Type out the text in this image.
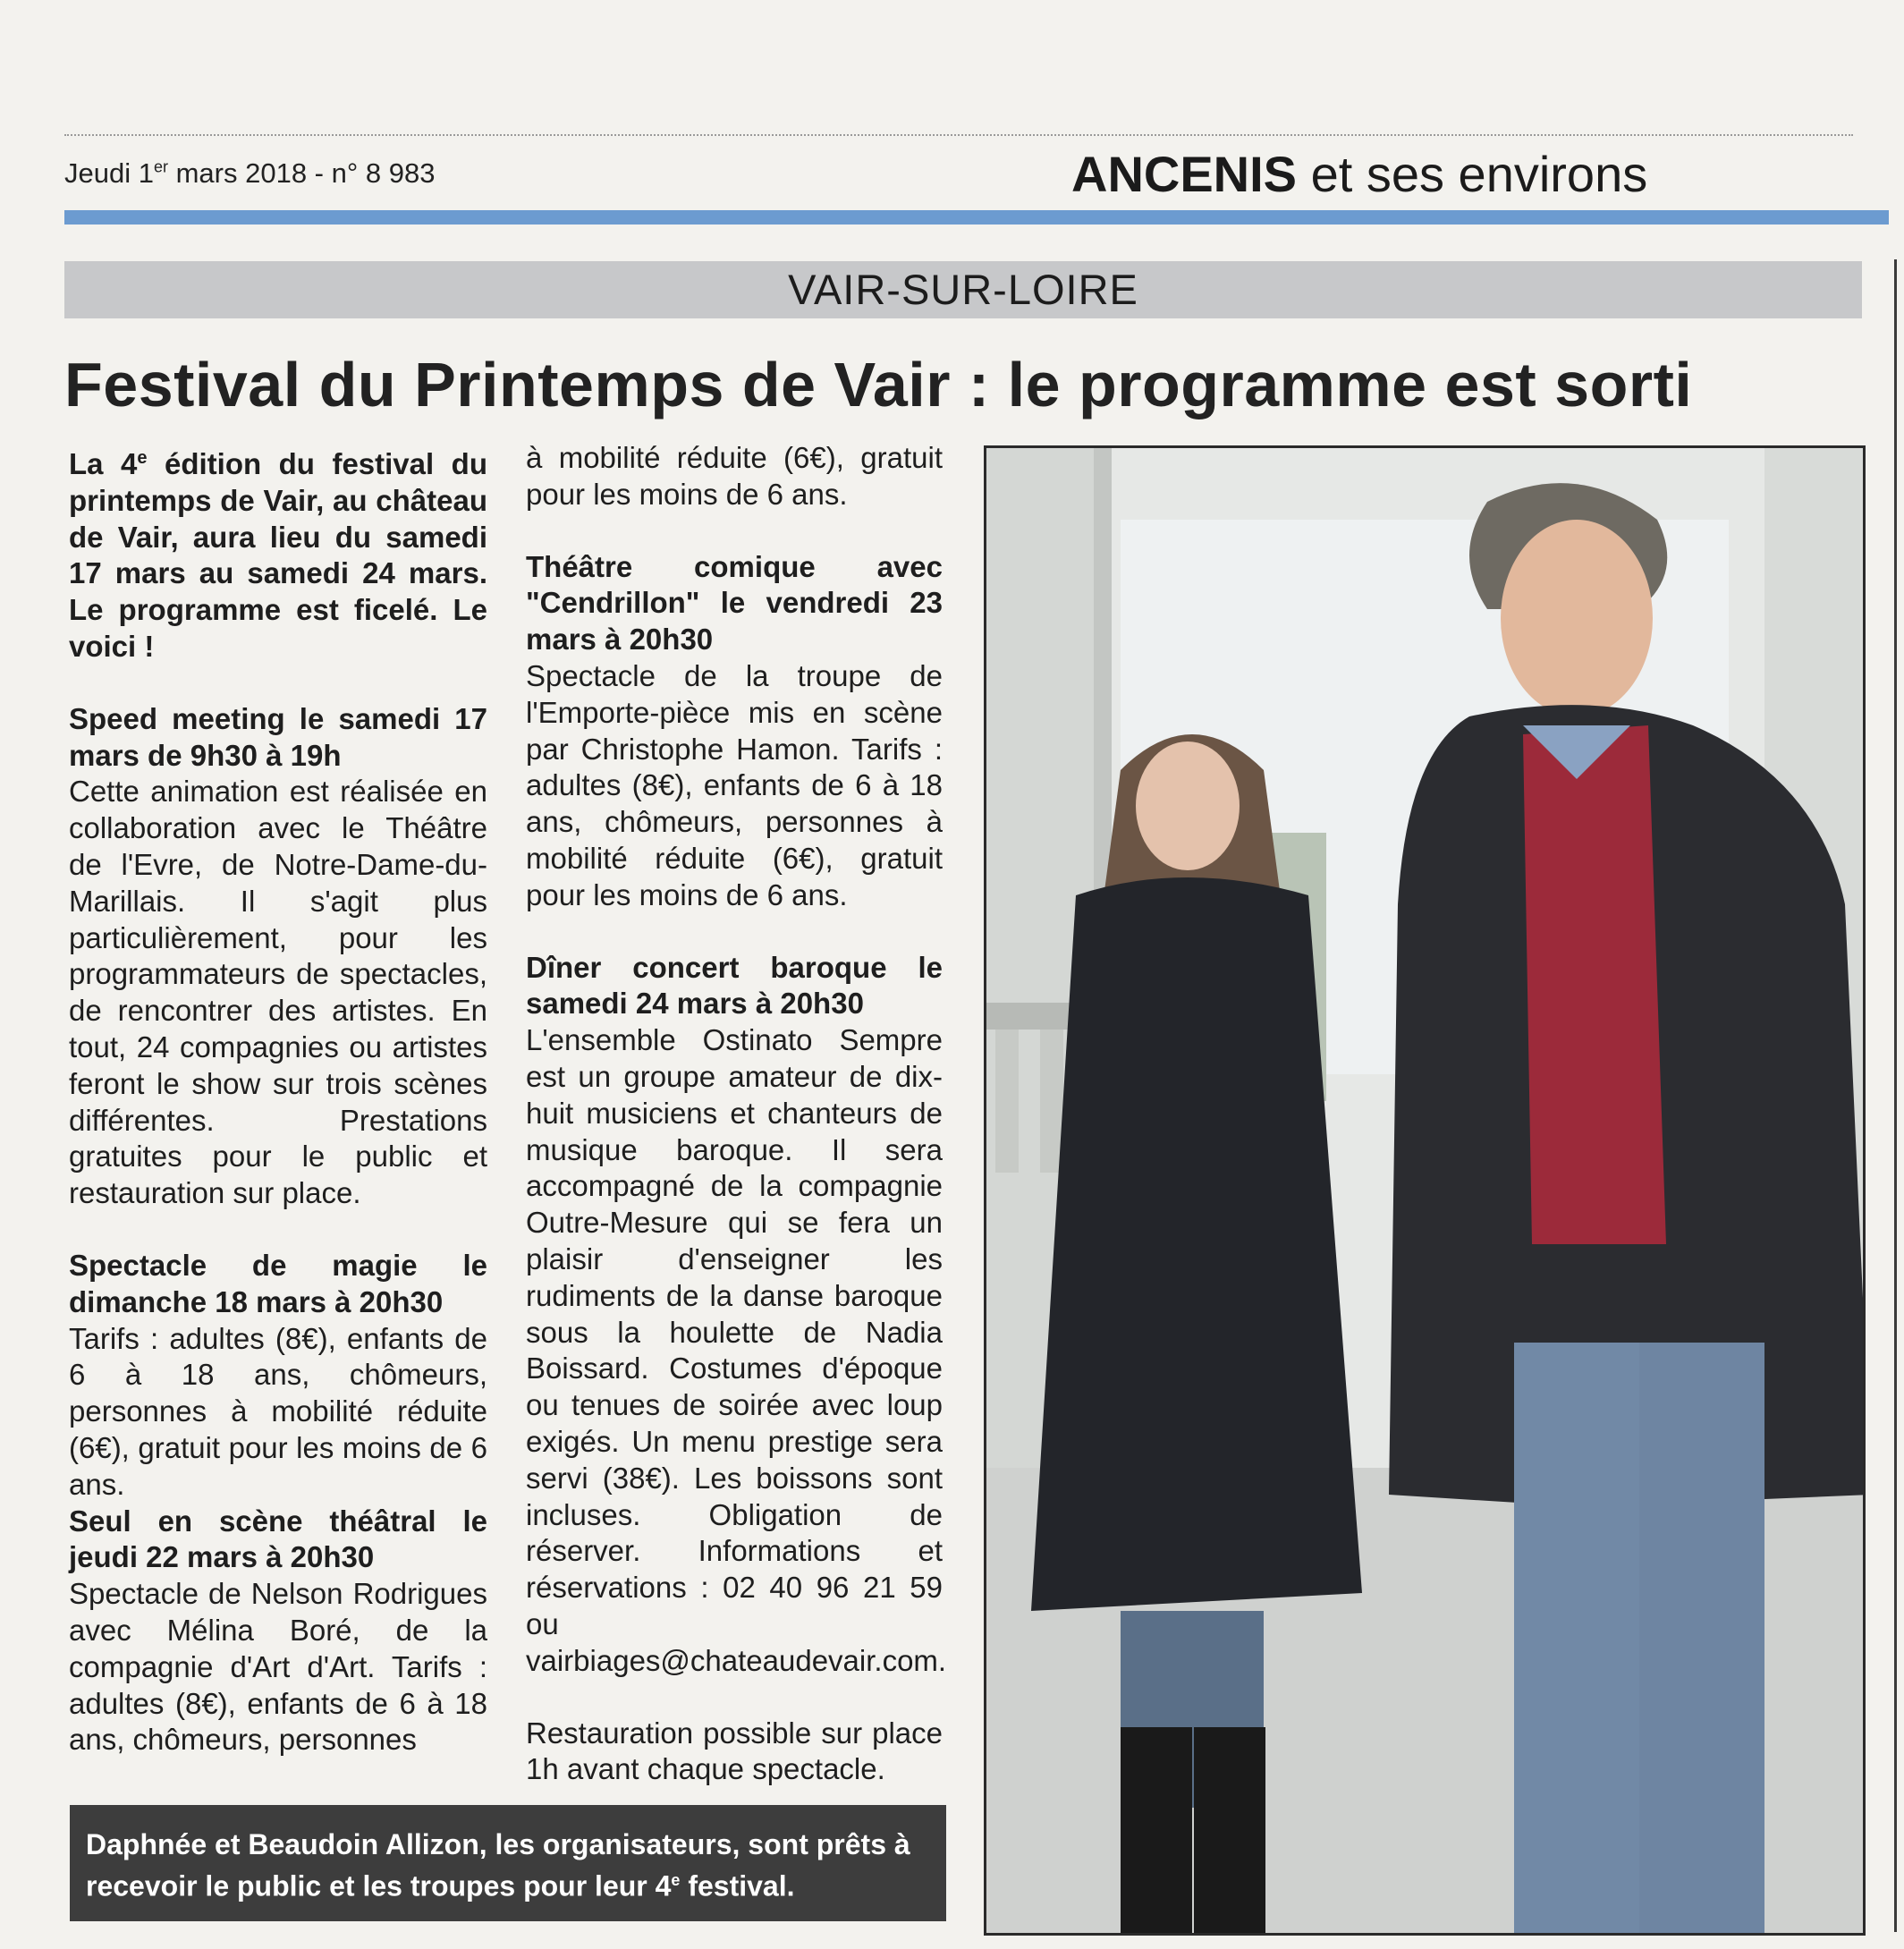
Jeudi 1er mars 2018 - n° 8 983	ANCENIS et ses environs
VAIR-SUR-LOIRE
Festival du Printemps de Vair : le programme est sorti

La 4e édition du festival du printemps de Vair, au château de Vair, aura lieu du samedi 17 mars au samedi 24 mars. Le programme est ficelé. Le voici !

Speed meeting le samedi 17 mars de 9h30 à 19h

Cette animation est réalisée en collaboration avec le Théâtre de l'Evre, de Notre-Dame-du-Marillais. Il s'agit plus particulièrement, pour les programmateurs de spectacles, de rencontrer des artistes. En tout, 24 compagnies ou artistes feront le show sur trois scènes différentes. Prestations gratuites pour le public et restauration sur place.

Spectacle de magie le dimanche 18 mars à 20h30

Tarifs : adultes (8€), enfants de 6 à 18 ans, chômeurs, personnes à mobilité réduite (6€), gratuit pour les moins de 6 ans.

Seul en scène théâtral le jeudi 22 mars à 20h30

Spectacle de Nelson Rodrigues avec Mélina Boré, de la compagnie d'Art d'Art. Tarifs : adultes (8€), enfants de 6 à 18 ans, chômeurs, personnes

à mobilité réduite (6€), gratuit pour les moins de 6 ans.

Théâtre comique avec "Cendrillon" le vendredi 23 mars à 20h30

Spectacle de la troupe de l'Emporte-pièce mis en scène par Christophe Hamon. Tarifs : adultes (8€), enfants de 6 à 18 ans, chômeurs, personnes à mobilité réduite (6€), gratuit pour les moins de 6 ans.

Dîner concert baroque le samedi 24 mars à 20h30

L'ensemble Ostinato Sempre est un groupe amateur de dix-huit musiciens et chanteurs de musique baroque. Il sera accompagné de la compagnie Outre-Mesure qui se fera un plaisir d'enseigner les rudiments de la danse baroque sous la houlette de Nadia Boissard. Costumes d'époque ou tenues de soirée avec loup exigés. Un menu prestige sera servi (38€). Les boissons sont incluses. Obligation de réserver. Informations et réservations : 02 40 96 21 59 ou vairbiages@chateaudevair.com.

Restauration possible sur place 1h avant chaque spectacle.

Daphnée et Beaudoin Allizon, les organisateurs, sont prêts à recevoir le public et les troupes pour leur 4e festival.
